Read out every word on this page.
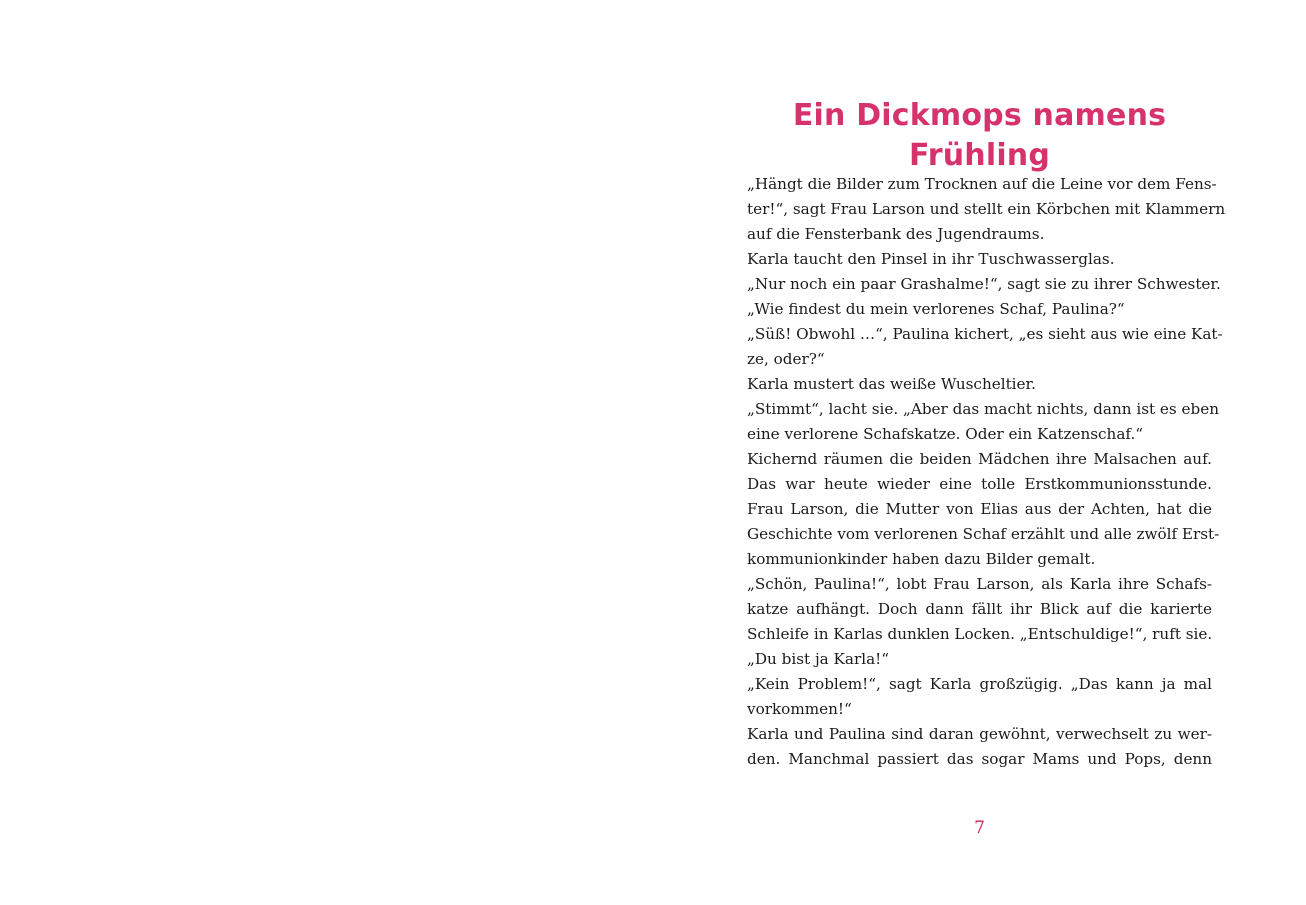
Ein Dickmops namens Frühling
„Hängt die Bilder zum Trocknen auf die Leine vor dem Fens-
ter!“, sagt Frau Larson und stellt ein Körbchen mit Klammern
auf die Fensterbank des Jugendraums.
Karla taucht den Pinsel in ihr Tuschwasserglas.
„Nur noch ein paar Grashalme!“, sagt sie zu ihrer Schwester.
„Wie findest du mein verlorenes Schaf, Paulina?“
„Süß! Obwohl …“, Paulina kichert, „es sieht aus wie eine Kat-
ze, oder?“
Karla mustert das weiße Wuscheltier.
„Stimmt“, lacht sie. „Aber das macht nichts, dann ist es eben
eine verlorene Schafskatze. Oder ein Katzenschaf.“
Kichernd räumen die beiden Mädchen ihre Malsachen auf.
Das war heute wieder eine tolle Erstkommunionsstunde.
Frau Larson, die Mutter von Elias aus der Achten, hat die
Geschichte vom verlorenen Schaf erzählt und alle zwölf Erst-
kommunionkinder haben dazu Bilder gemalt.
„Schön, Paulina!“, lobt Frau Larson, als Karla ihre Schafs-
katze aufhängt. Doch dann fällt ihr Blick auf die karierte
Schleife in Karlas dunklen Locken. „Entschuldige!“, ruft sie.
„Du bist ja Karla!“
„Kein Problem!“, sagt Karla großzügig. „Das kann ja mal
vorkommen!“
Karla und Paulina sind daran gewöhnt, verwechselt zu wer-
den. Manchmal passiert das sogar Mams und Pops, denn
7
